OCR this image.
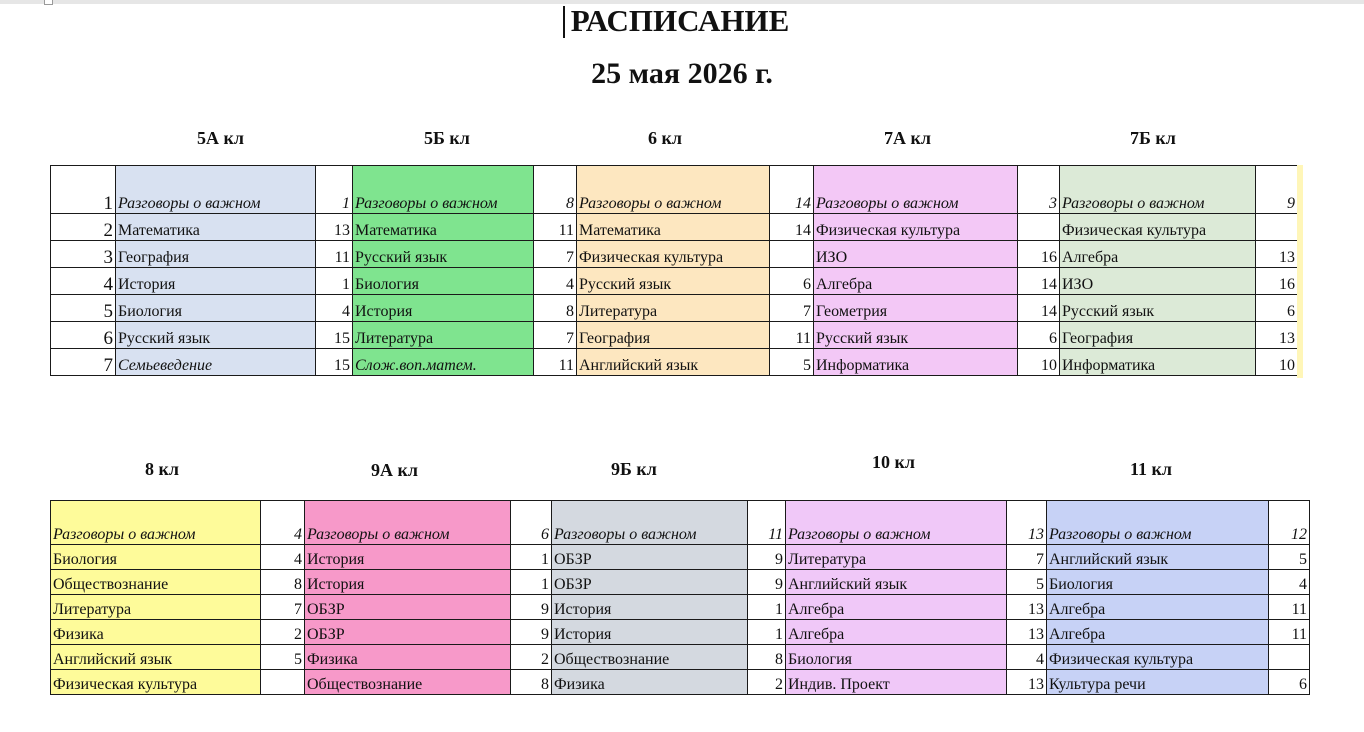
РАСПИСАНИЕ
25 мая 2026 г.
5А кл	5Б кл	6 кл	7А кл	7Б кл
1	Разговоры о важном	1	Разговоры о важном	8	Разговоры о важном	14	Разговоры о важном	3	Разговоры о важном	9
2	Математика	13	Математика	11	Математика	14	Физическая культура		Физическая культура	
3	География	11	Русский язык	7	Физическая культура		ИЗО	16	Алгебра	13
4	История	1	Биология	4	Русский язык	6	Алгебра	14	ИЗО	16
5	Биология	4	История	8	Литература	7	Геометрия	14	Русский язык	6
6	Русский язык	15	Литература	7	География	11	Русский язык	6	География	13
7	Семьеведение	15	Слож.воп.матем.	11	Английский язык	5	Информатика	10	Информатика	10
8 кл	9А кл	9Б кл	10 кл	11 кл
Разговоры о важном	4	Разговоры о важном	6	Разговоры о важном	11	Разговоры о важном	13	Разговоры о важном	12
Биология	4	История	1	ОБЗР	9	Литература	7	Английский язык	5
Обществознание	8	История	1	ОБЗР	9	Английский язык	5	Биология	4
Литература	7	ОБЗР	9	История	1	Алгебра	13	Алгебра	11
Физика	2	ОБЗР	9	История	1	Алгебра	13	Алгебра	11
Английский язык	5	Физика	2	Обществознание	8	Биология	4	Физическая культура	
Физическая культура		Обществознание	8	Физика	2	Индив. Проект	13	Культура речи	6
